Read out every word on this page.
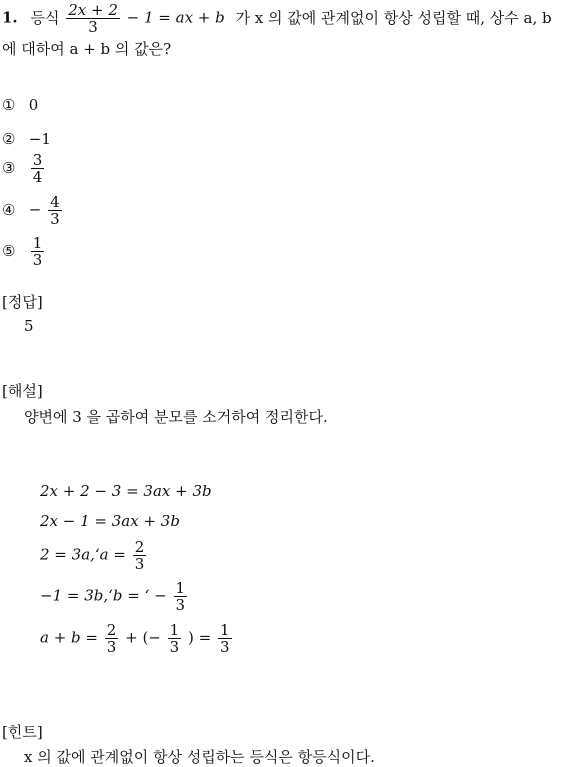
1. 등식 $\frac{2x + 2}{3} - 1$ = ax + b 가 x 의 값에 관계없이 항상 성립할 때, 상수 a, b
에 대하여 a + b 의 값은?
① 0
② −1
③ $\frac{3}{4}$
④ − $\frac{4}{3}$
⑤ $\frac{1}{3}$
[정답]
5
[해설]
양변에 3 을 곱하여 분모를 소거하여 정리한다.
2x + 2 − 3 = 3ax + 3b
2x − 1 = 3ax + 3b
2 = 3a,‘a = $\frac{2}{3}$
−1 = 3b,‘b = ‘ − $\frac{1}{3}$
$a + b = \frac{2}{3}$ + (− $\frac{1}{3}$ ) = $\frac{1}{3}$
[힌트]
x 의 값에 관계없이 항상 성립하는 등식은 항등식이다.
